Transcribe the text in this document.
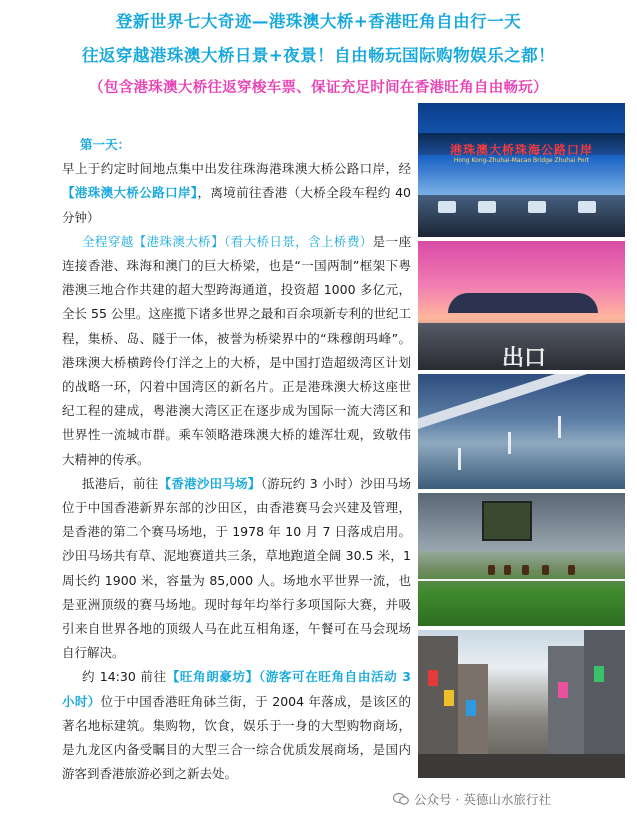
登新世界七大奇迹—港珠澳大桥+香港旺角自由行一天
往返穿越港珠澳大桥日景+夜景！自由畅玩国际购物娱乐之都！
（包含港珠澳大桥往返穿梭车票、保证充足时间在香港旺角自由畅玩）

第一天：

早上于约定时间地点集中出发往珠海港珠澳大桥公路口岸，经【港珠澳大桥公路口岸】，离境前往香港（大桥全段车程约 40 分钟）

全程穿越【港珠澳大桥】（看大桥日景，含上桥费）是一座连接香港、珠海和澳门的巨大桥梁，也是“一国两制”框架下粤港澳三地合作共建的超大型跨海通道，投资超 1000 多亿元，全长 55 公里。这座揽下诸多世界之最和百余项新专利的世纪工程，集桥、岛、隧于一体，被誉为桥梁界中的“珠穆朗玛峰”。港珠澳大桥横跨伶仃洋之上的大桥，是中国打造超级湾区计划的战略一环，闪着中国湾区的新名片。正是港珠澳大桥这座世纪工程的建成，粤港澳大湾区正在逐步成为国际一流大湾区和世界性一流城市群。乘车领略港珠澳大桥的雄浑壮观，致敬伟大精神的传承。

抵港后，前往【香港沙田马场】（游玩约 3 小时）沙田马场位于中国香港新界东部的沙田区，由香港赛马会兴建及管理，是香港的第二个赛马场地，于 1978 年 10 月 7 日落成启用。沙田马场共有草、泥地赛道共三条，草地跑道全阔 30.5 米，1 周长约 1900 米，容量为 85,000 人。场地水平世界一流，也是亚洲顶级的赛马场地。现时每年均举行多项国际大赛，并吸引来自世界各地的顶级人马在此互相角逐，午餐可在马会现场自行解决。

约 14:30 前往【旺角朗豪坊】（游客可在旺角自由活动 3 小时）位于中国香港旺角砵兰街，于 2004 年落成，是该区的著名地标建筑。集购物，饮食，娱乐于一身的大型购物商场，是九龙区内备受瞩目的大型三合一综合优质发展商场，是国内游客到香港旅游必到之新去处。

港珠澳大桥珠海公路口岸
Hong Kong-Zhuhai-Macao Bridge Zhuhai Port
出口
公众号 · 英德山水旅行社
